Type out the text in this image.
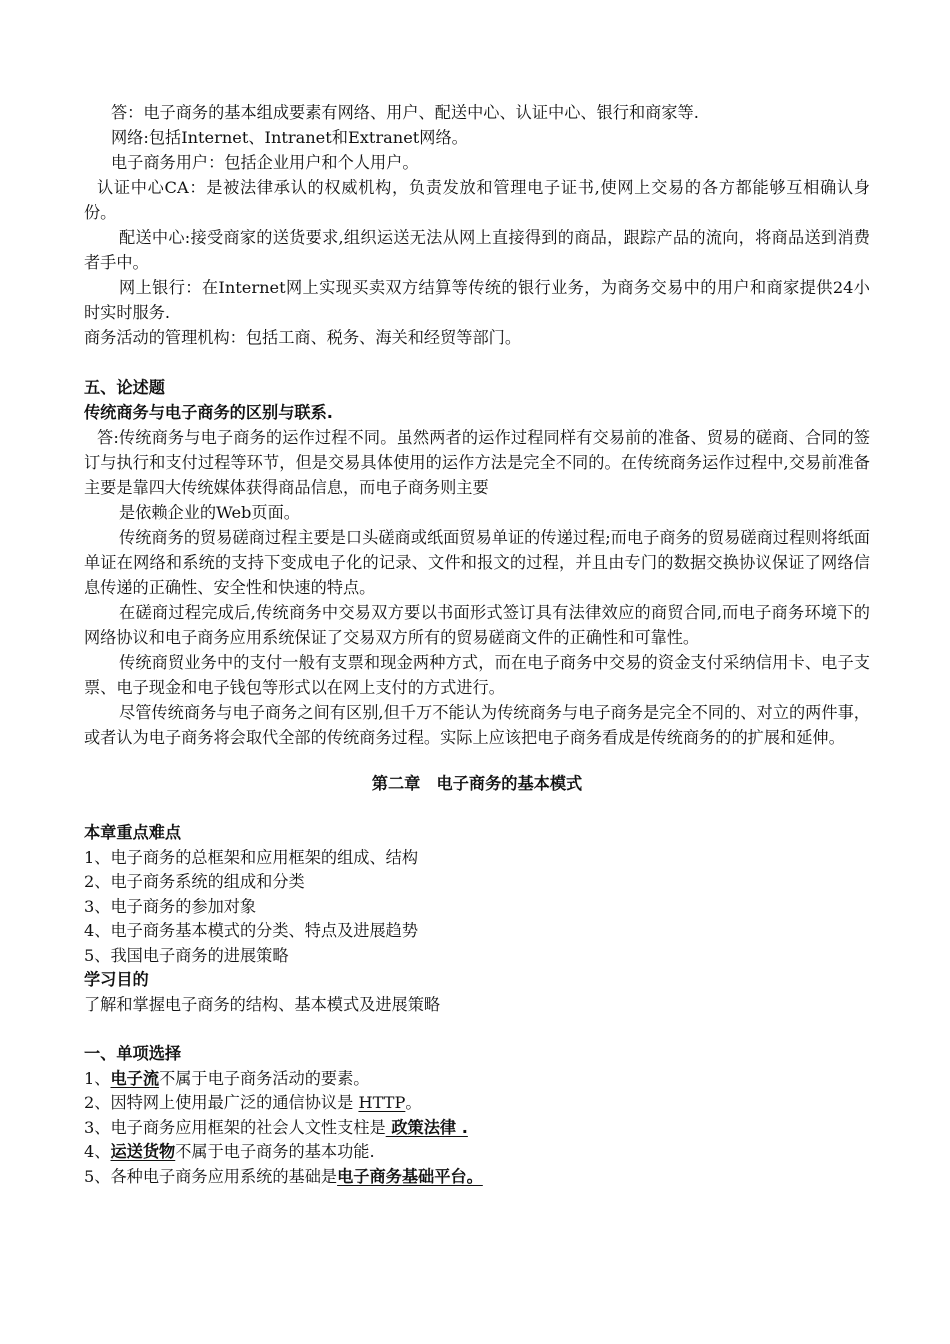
答：电子商务的基本组成要素有网络、用户、配送中心、认证中心、银行和商家等.
网络:包括Internet、Intranet和Extranet网络。
电子商务用户：包括企业用户和个人用户。
认证中心CA：是被法律承认的权威机构，负责发放和管理电子证书,使网上交易的各方都能够互相确认身份。
配送中心:接受商家的送货要求,组织运送无法从网上直接得到的商品，跟踪产品的流向，将商品送到消费者手中。
网上银行：在Internet网上实现买卖双方结算等传统的银行业务，为商务交易中的用户和商家提供24小时实时服务.
商务活动的管理机构：包括工商、税务、海关和经贸等部门。
五、论述题
传统商务与电子商务的区别与联系.
答:传统商务与电子商务的运作过程不同。虽然两者的运作过程同样有交易前的准备、贸易的磋商、合同的签订与执行和支付过程等环节，但是交易具体使用的运作方法是完全不同的。在传统商务运作过程中,交易前准备主要是靠四大传统媒体获得商品信息，而电子商务则主要
是依赖企业的Web页面。
传统商务的贸易磋商过程主要是口头磋商或纸面贸易单证的传递过程;而电子商务的贸易磋商过程则将纸面单证在网络和系统的支持下变成电子化的记录、文件和报文的过程，并且由专门的数据交换协议保证了网络信息传递的正确性、安全性和快速的特点。
在磋商过程完成后,传统商务中交易双方要以书面形式签订具有法律效应的商贸合同,而电子商务环境下的网络协议和电子商务应用系统保证了交易双方所有的贸易磋商文件的正确性和可靠性。
传统商贸业务中的支付一般有支票和现金两种方式，而在电子商务中交易的资金支付采纳信用卡、电子支票、电子现金和电子钱包等形式以在网上支付的方式进行。
尽管传统商务与电子商务之间有区别,但千万不能认为传统商务与电子商务是完全不同的、对立的两件事，或者认为电子商务将会取代全部的传统商务过程。实际上应该把电子商务看成是传统商务的的扩展和延伸。
第二章　电子商务的基本模式
本章重点难点
1、电子商务的总框架和应用框架的组成、结构
2、电子商务系统的组成和分类
3、电子商务的参加对象
4、电子商务基本模式的分类、特点及进展趋势
5、我国电子商务的进展策略
学习目的
了解和掌握电子商务的结构、基本模式及进展策略
一、单项选择
1、电子流不属于电子商务活动的要素。
2、因特网上使用最广泛的通信协议是 HTTP。
3、电子商务应用框架的社会人文性支柱是 政策法律 .
4、运送货物不属于电子商务的基本功能.
5、各种电子商务应用系统的基础是电子商务基础平台。
